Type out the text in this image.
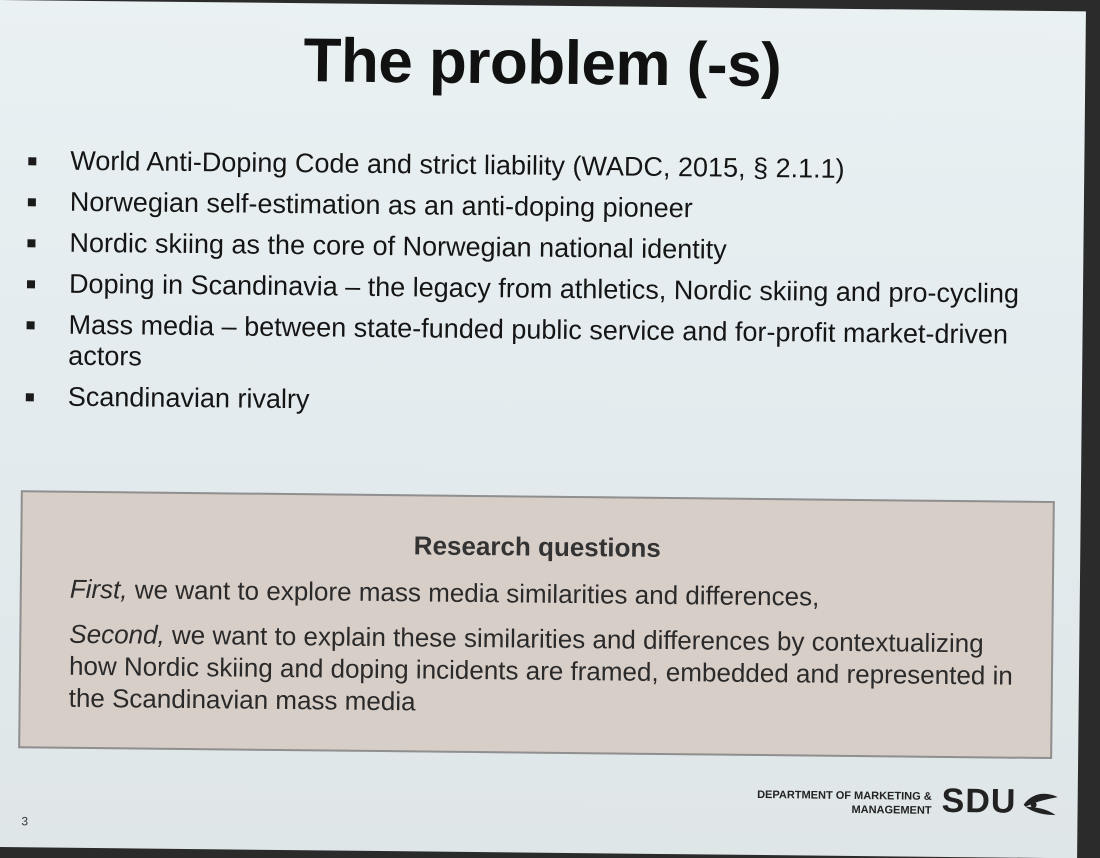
The problem (-s)
World Anti-Doping Code and strict liability (WADC, 2015, § 2.1.1)
Norwegian self-estimation as an anti-doping pioneer
Nordic skiing as the core of Norwegian national identity
Doping in Scandinavia – the legacy from athletics, Nordic skiing and pro-cycling
Mass media – between state-funded public service and for-profit market-driven actors
Scandinavian rivalry
Research questions

First, we want to explore mass media similarities and differences,

Second, we want to explain these similarities and differences by contextualizing how Nordic skiing and doping incidents are framed, embedded and represented in the Scandinavian mass media

DEPARTMENT OF MARKETING &
MANAGEMENT SDU
3
